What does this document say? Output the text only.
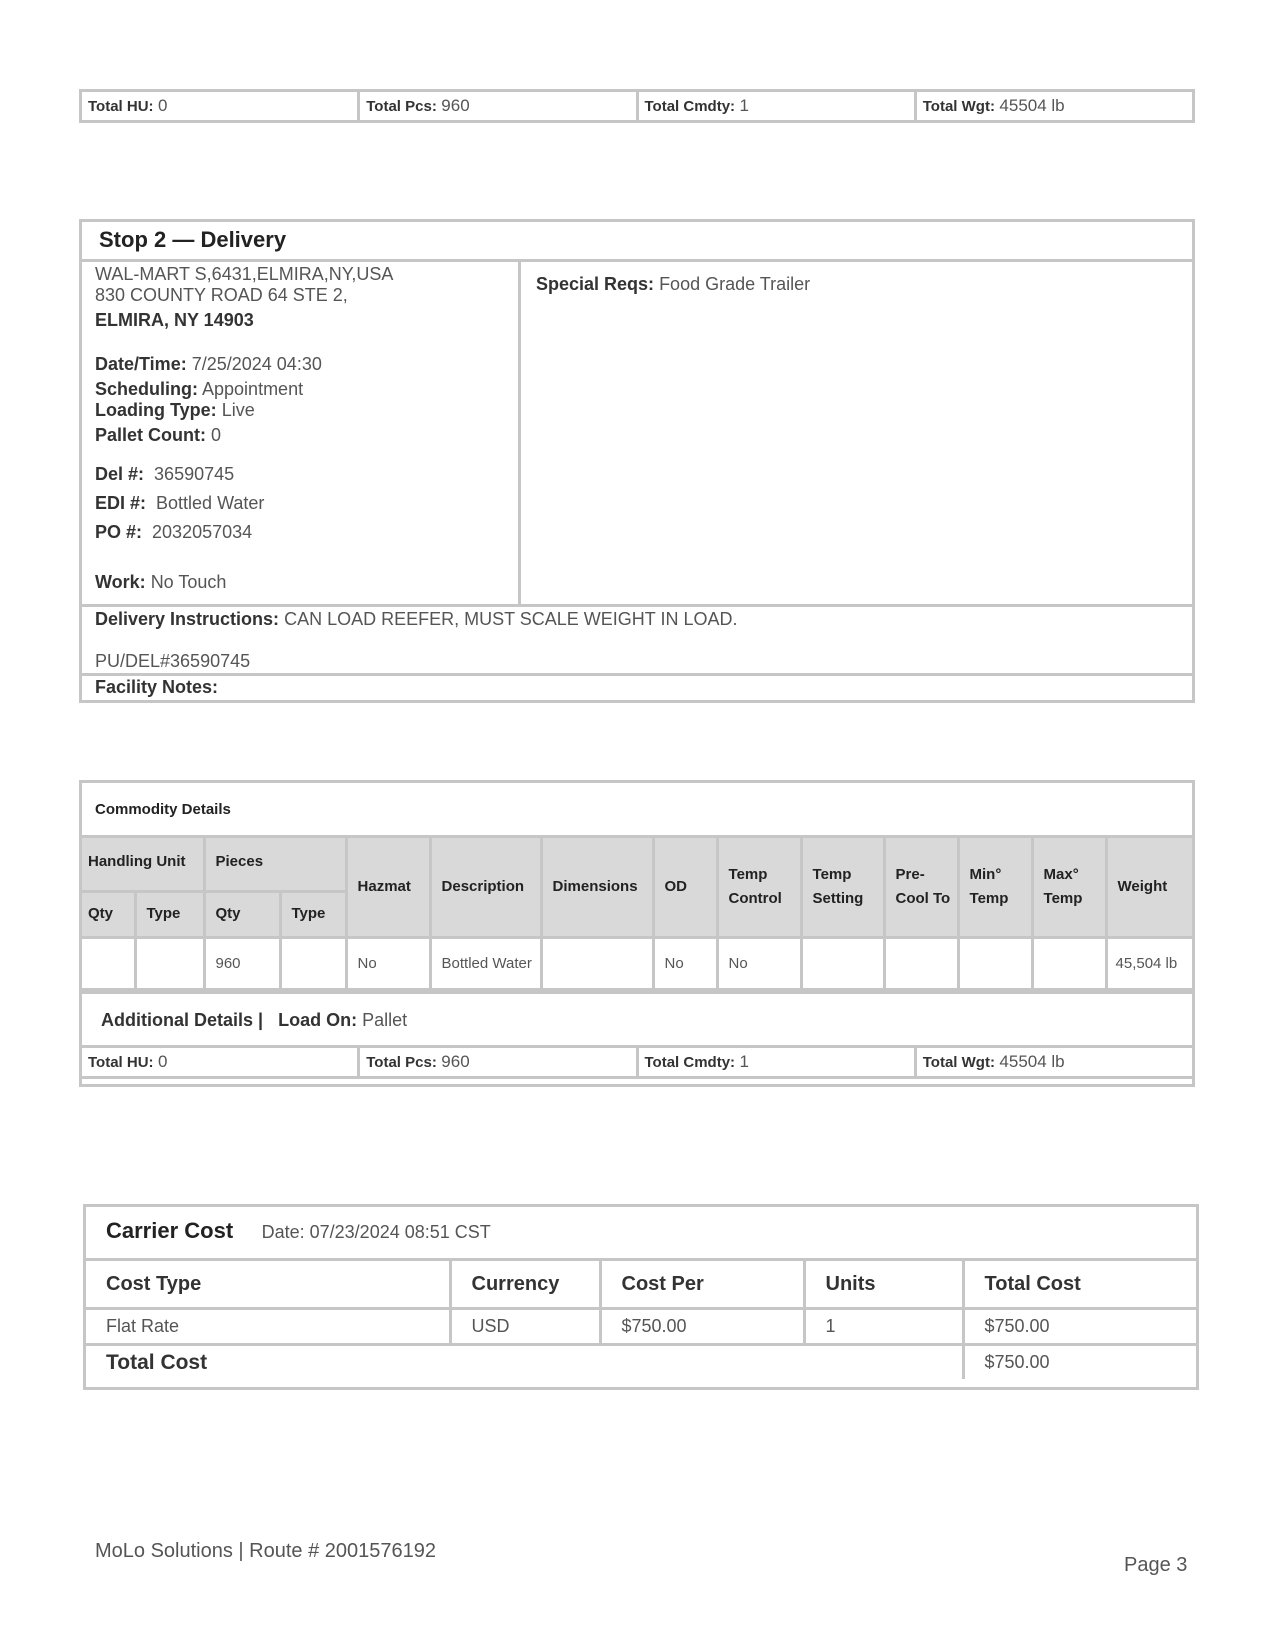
Total HU: 0	Total Pcs: 960	Total Cmdty: 1	Total Wgt: 45504 lb
Stop 2 — Delivery
WAL-MART S,6431,ELMIRA,NY,USA
830 COUNTY ROAD 64 STE 2,
ELMIRA, NY 14903
Date/Time: 7/25/2024 04:30
Scheduling: Appointment
Loading Type: Live
Pallet Count: 0
Del #: 36590745
EDI #: Bottled Water
PO #: 2032057034
Work: No Touch
Special Reqs: Food Grade Trailer
Delivery Instructions: CAN LOAD REEFER, MUST SCALE WEIGHT IN LOAD.
PU/DEL#36590745
Facility Notes:
Commodity Details
Handling Unit		Pieces		Hazmat	Description	Dimensions	OD	Temp Control	Temp Setting	Pre-Cool To	Min° Temp	Max° Temp	Weight
Qty	Type	Qty	Type										
		960		No	Bottled Water		No	No					45,504 lb
Additional Details | Load On: Pallet
Total HU: 0	Total Pcs: 960	Total Cmdty: 1	Total Wgt: 45504 lb
Carrier Cost Date: 07/23/2024 08:51 CST
Cost Type	Currency	Cost Per	Units	Total Cost
Flat Rate	USD	$750.00	1	$750.00
Total Cost				$750.00
MoLo Solutions | Route # 2001576192
Page 3
